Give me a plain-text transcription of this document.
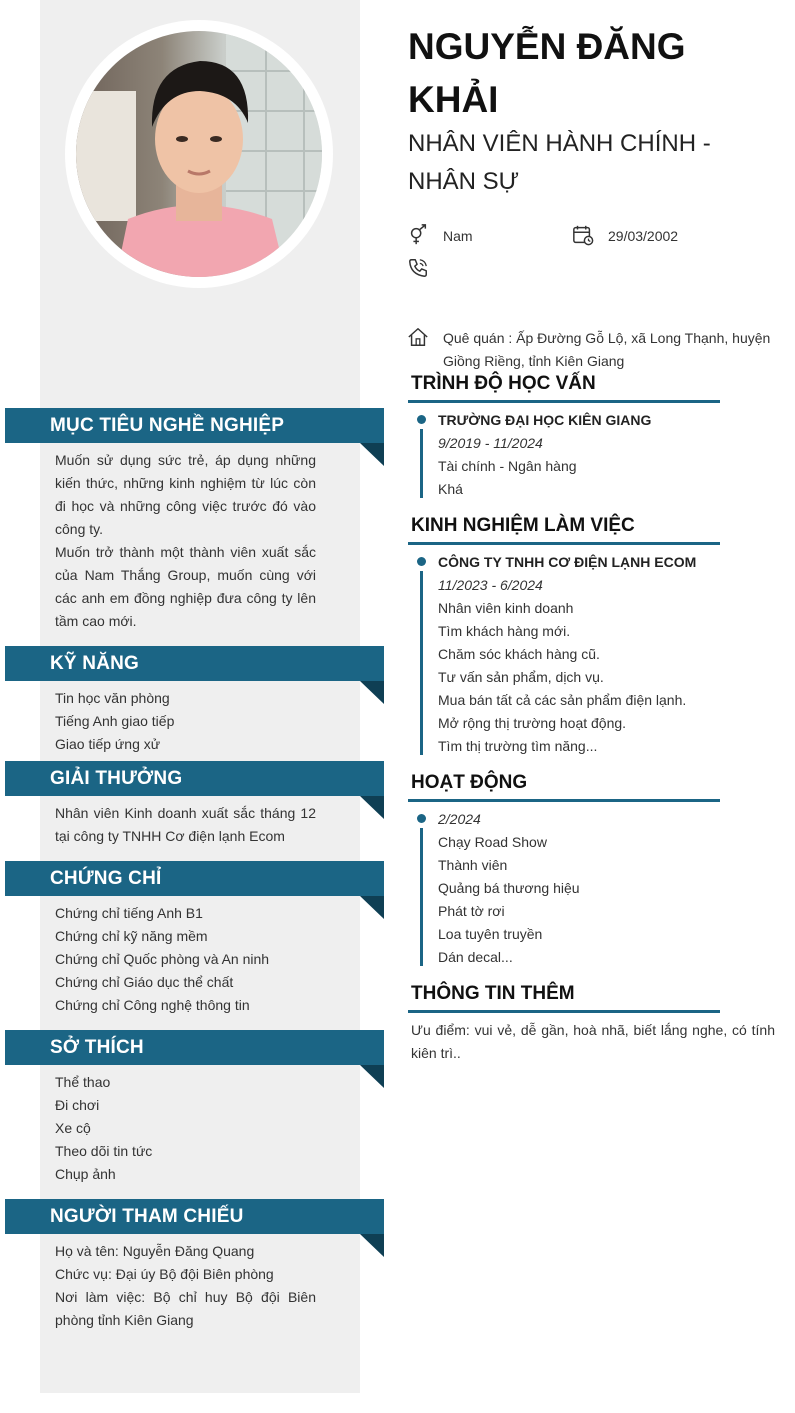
MỤC TIÊU NGHỀ NGHIỆP

Muốn sử dụng sức trẻ, áp dụng những kiến thức, những kinh nghiệm từ lúc còn đi học và những công việc trước đó vào công ty.

Muốn trở thành một thành viên xuất sắc của Nam Thắng Group, muốn cùng với các anh em đồng nghiệp đưa công ty lên tầm cao mới.

KỸ NĂNG

Tin học văn phòng

Tiếng Anh giao tiếp

Giao tiếp ứng xử

GIẢI THƯỞNG

Nhân viên Kinh doanh xuất sắc tháng 12 tại công ty TNHH Cơ điện lạnh Ecom

CHỨNG CHỈ

Chứng chỉ tiếng Anh B1

Chứng chỉ kỹ năng mềm

Chứng chỉ Quốc phòng và An ninh

Chứng chỉ Giáo dục thể chất

Chứng chỉ Công nghệ thông tin

SỞ THÍCH

Thể thao

Đi chơi

Xe cộ

Theo dõi tin tức

Chụp ảnh

NGƯỜI THAM CHIẾU

Họ và tên: Nguyễn Đăng Quang

Chức vụ: Đại úy Bộ đội Biên phòng

Nơi làm việc: Bộ chỉ huy Bộ đội Biên phòng tỉnh Kiên Giang

NGUYỄN ĐĂNG KHẢI
NHÂN VIÊN HÀNH CHÍNH - NHÂN SỰ
Nam	29/03/2002
Quê quán : Ấp Đường Gỗ Lộ, xã Long Thạnh, huyện Giồng Riềng, tỉnh Kiên Giang
TRÌNH ĐỘ HỌC VẤN

TRƯỜNG ĐẠI HỌC KIÊN GIANG

9/2019 - 11/2024

Tài chính - Ngân hàng

Khá

KINH NGHIỆM LÀM VIỆC

CÔNG TY TNHH CƠ ĐIỆN LẠNH ECOM

11/2023 - 6/2024

Nhân viên kinh doanh

Tìm khách hàng mới.

Chăm sóc khách hàng cũ.

Tư vấn sản phẩm, dịch vụ.

Mua bán tất cả các sản phẩm điện lạnh.

Mở rộng thị trường hoạt động.

Tìm thị trường tìm năng...

HOẠT ĐỘNG

2/2024

Chạy Road Show

Thành viên

Quảng bá thương hiệu

Phát tờ rơi

Loa tuyên truyền

Dán decal...

THÔNG TIN THÊM
Ưu điểm: vui vẻ, dễ gần, hoà nhã, biết lắng nghe, có tính kiên trì..
